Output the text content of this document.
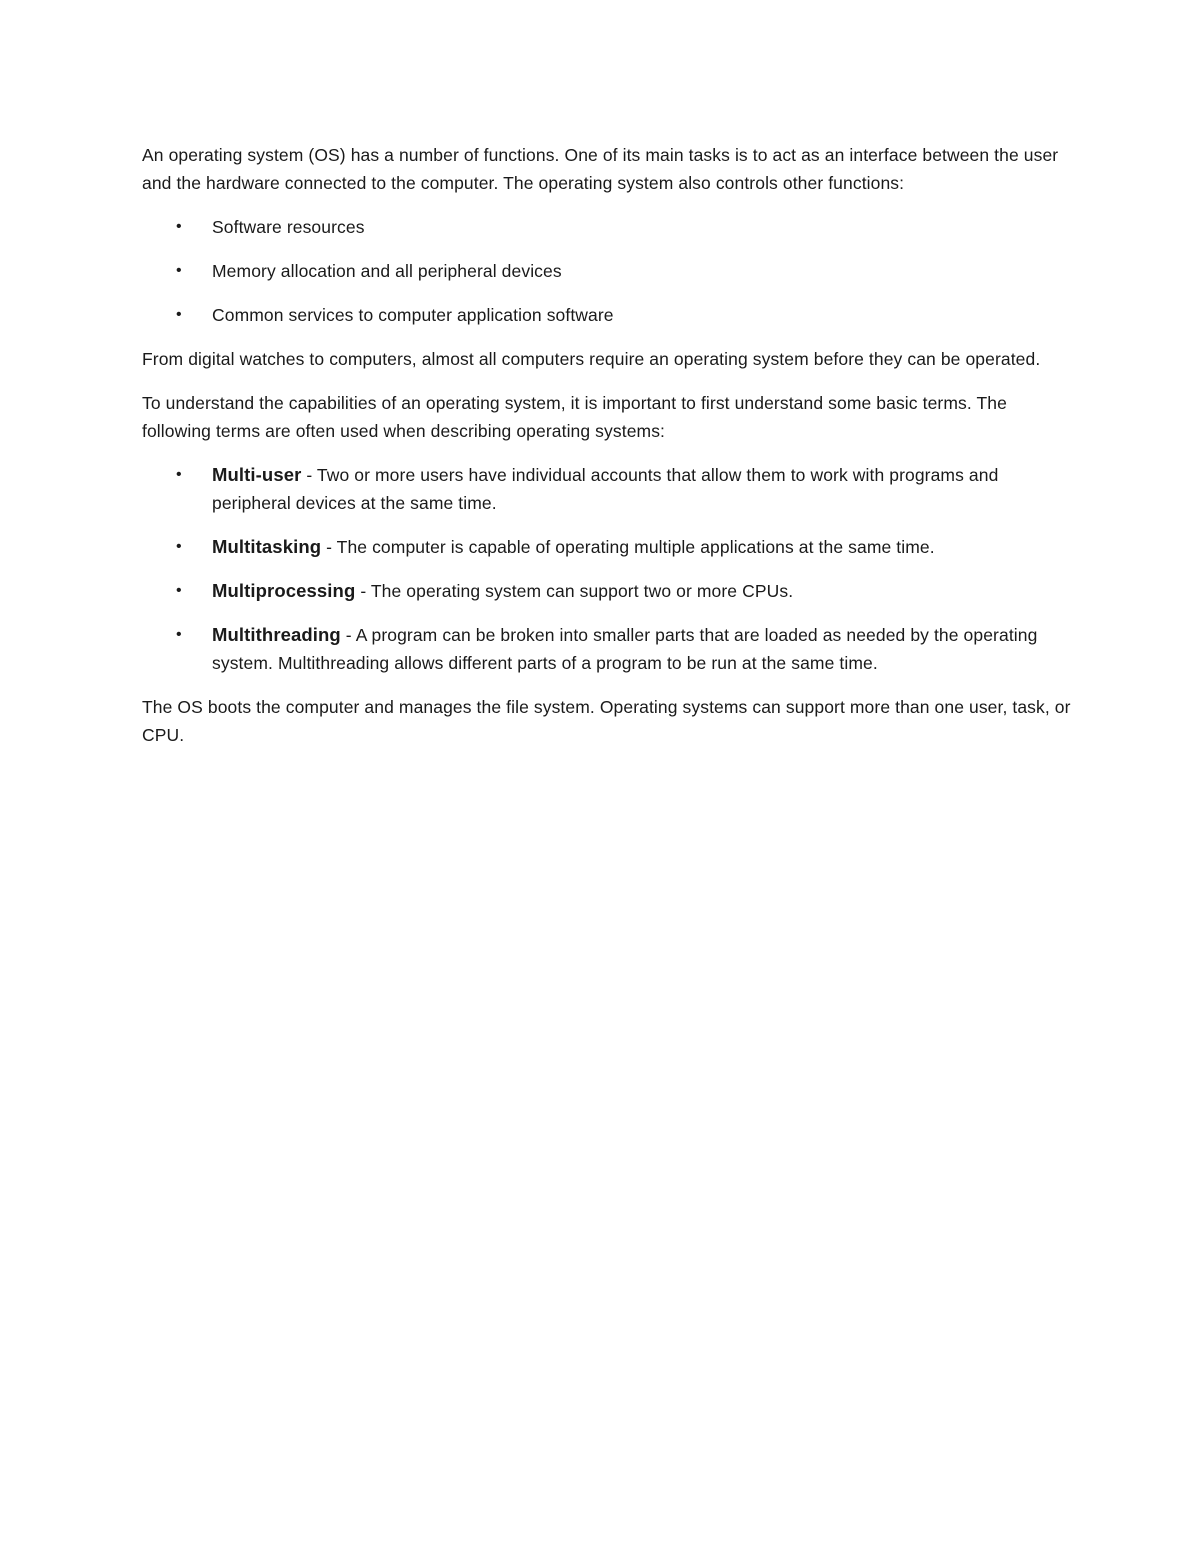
An operating system (OS) has a number of functions. One of its main tasks is to act as an interface between the user and the hardware connected to the computer. The operating system also controls other functions:

• Software resources
• Memory allocation and all peripheral devices
• Common services to computer application software

From digital watches to computers, almost all computers require an operating system before they can be operated.

To understand the capabilities of an operating system, it is important to first understand some basic terms. The following terms are often used when describing operating systems:

• Multi-user - Two or more users have individual accounts that allow them to work with programs and peripheral devices at the same time.
• Multitasking - The computer is capable of operating multiple applications at the same time.
• Multiprocessing - The operating system can support two or more CPUs.
• Multithreading - A program can be broken into smaller parts that are loaded as needed by the operating system. Multithreading allows different parts of a program to be run at the same time.

The OS boots the computer and manages the file system. Operating systems can support more than one user, task, or CPU.
